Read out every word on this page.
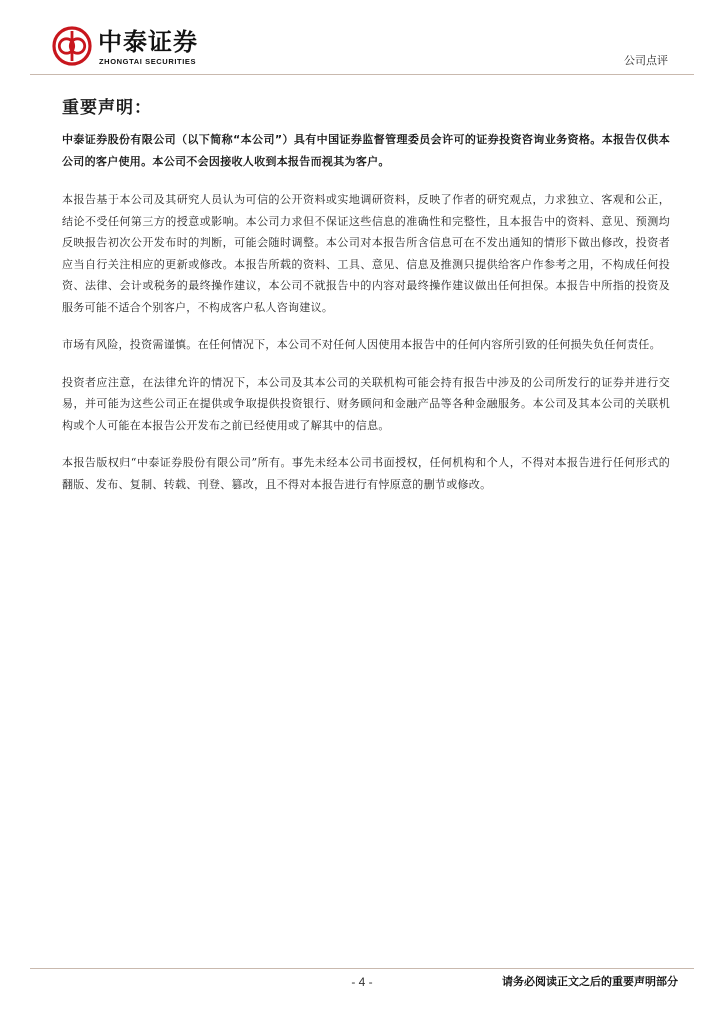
中泰证券
ZHONGTAI SECURITIES	公司点评
重要声明：

中泰证券股份有限公司（以下简称“本公司”）具有中国证券监督管理委员会许可的证券投资咨询业务资格。本报告仅供本公司的客户使用。本公司不会因接收人收到本报告而视其为客户。

本报告基于本公司及其研究人员认为可信的公开资料或实地调研资料，反映了作者的研究观点，力求独立、客观和公正，结论不受任何第三方的授意或影响。本公司力求但不保证这些信息的准确性和完整性，且本报告中的资料、意见、预测均反映报告初次公开发布时的判断，可能会随时调整。本公司对本报告所含信息可在不发出通知的情形下做出修改，投资者应当自行关注相应的更新或修改。本报告所载的资料、工具、意见、信息及推测只提供给客户作参考之用，不构成任何投资、法律、会计或税务的最终操作建议，本公司不就报告中的内容对最终操作建议做出任何担保。本报告中所指的投资及服务可能不适合个别客户，不构成客户私人咨询建议。

市场有风险，投资需谨慎。在任何情况下，本公司不对任何人因使用本报告中的任何内容所引致的任何损失负任何责任。

投资者应注意，在法律允许的情况下，本公司及其本公司的关联机构可能会持有报告中涉及的公司所发行的证券并进行交易，并可能为这些公司正在提供或争取提供投资银行、财务顾问和金融产品等各种金融服务。本公司及其本公司的关联机构或个人可能在本报告公开发布之前已经使用或了解其中的信息。

本报告版权归“中泰证券股份有限公司”所有。事先未经本公司书面授权，任何机构和个人，不得对本报告进行任何形式的翻版、发布、复制、转载、刊登、篡改，且不得对本报告进行有悖原意的删节或修改。

- 4 -	请务必阅读正文之后的重要声明部分
